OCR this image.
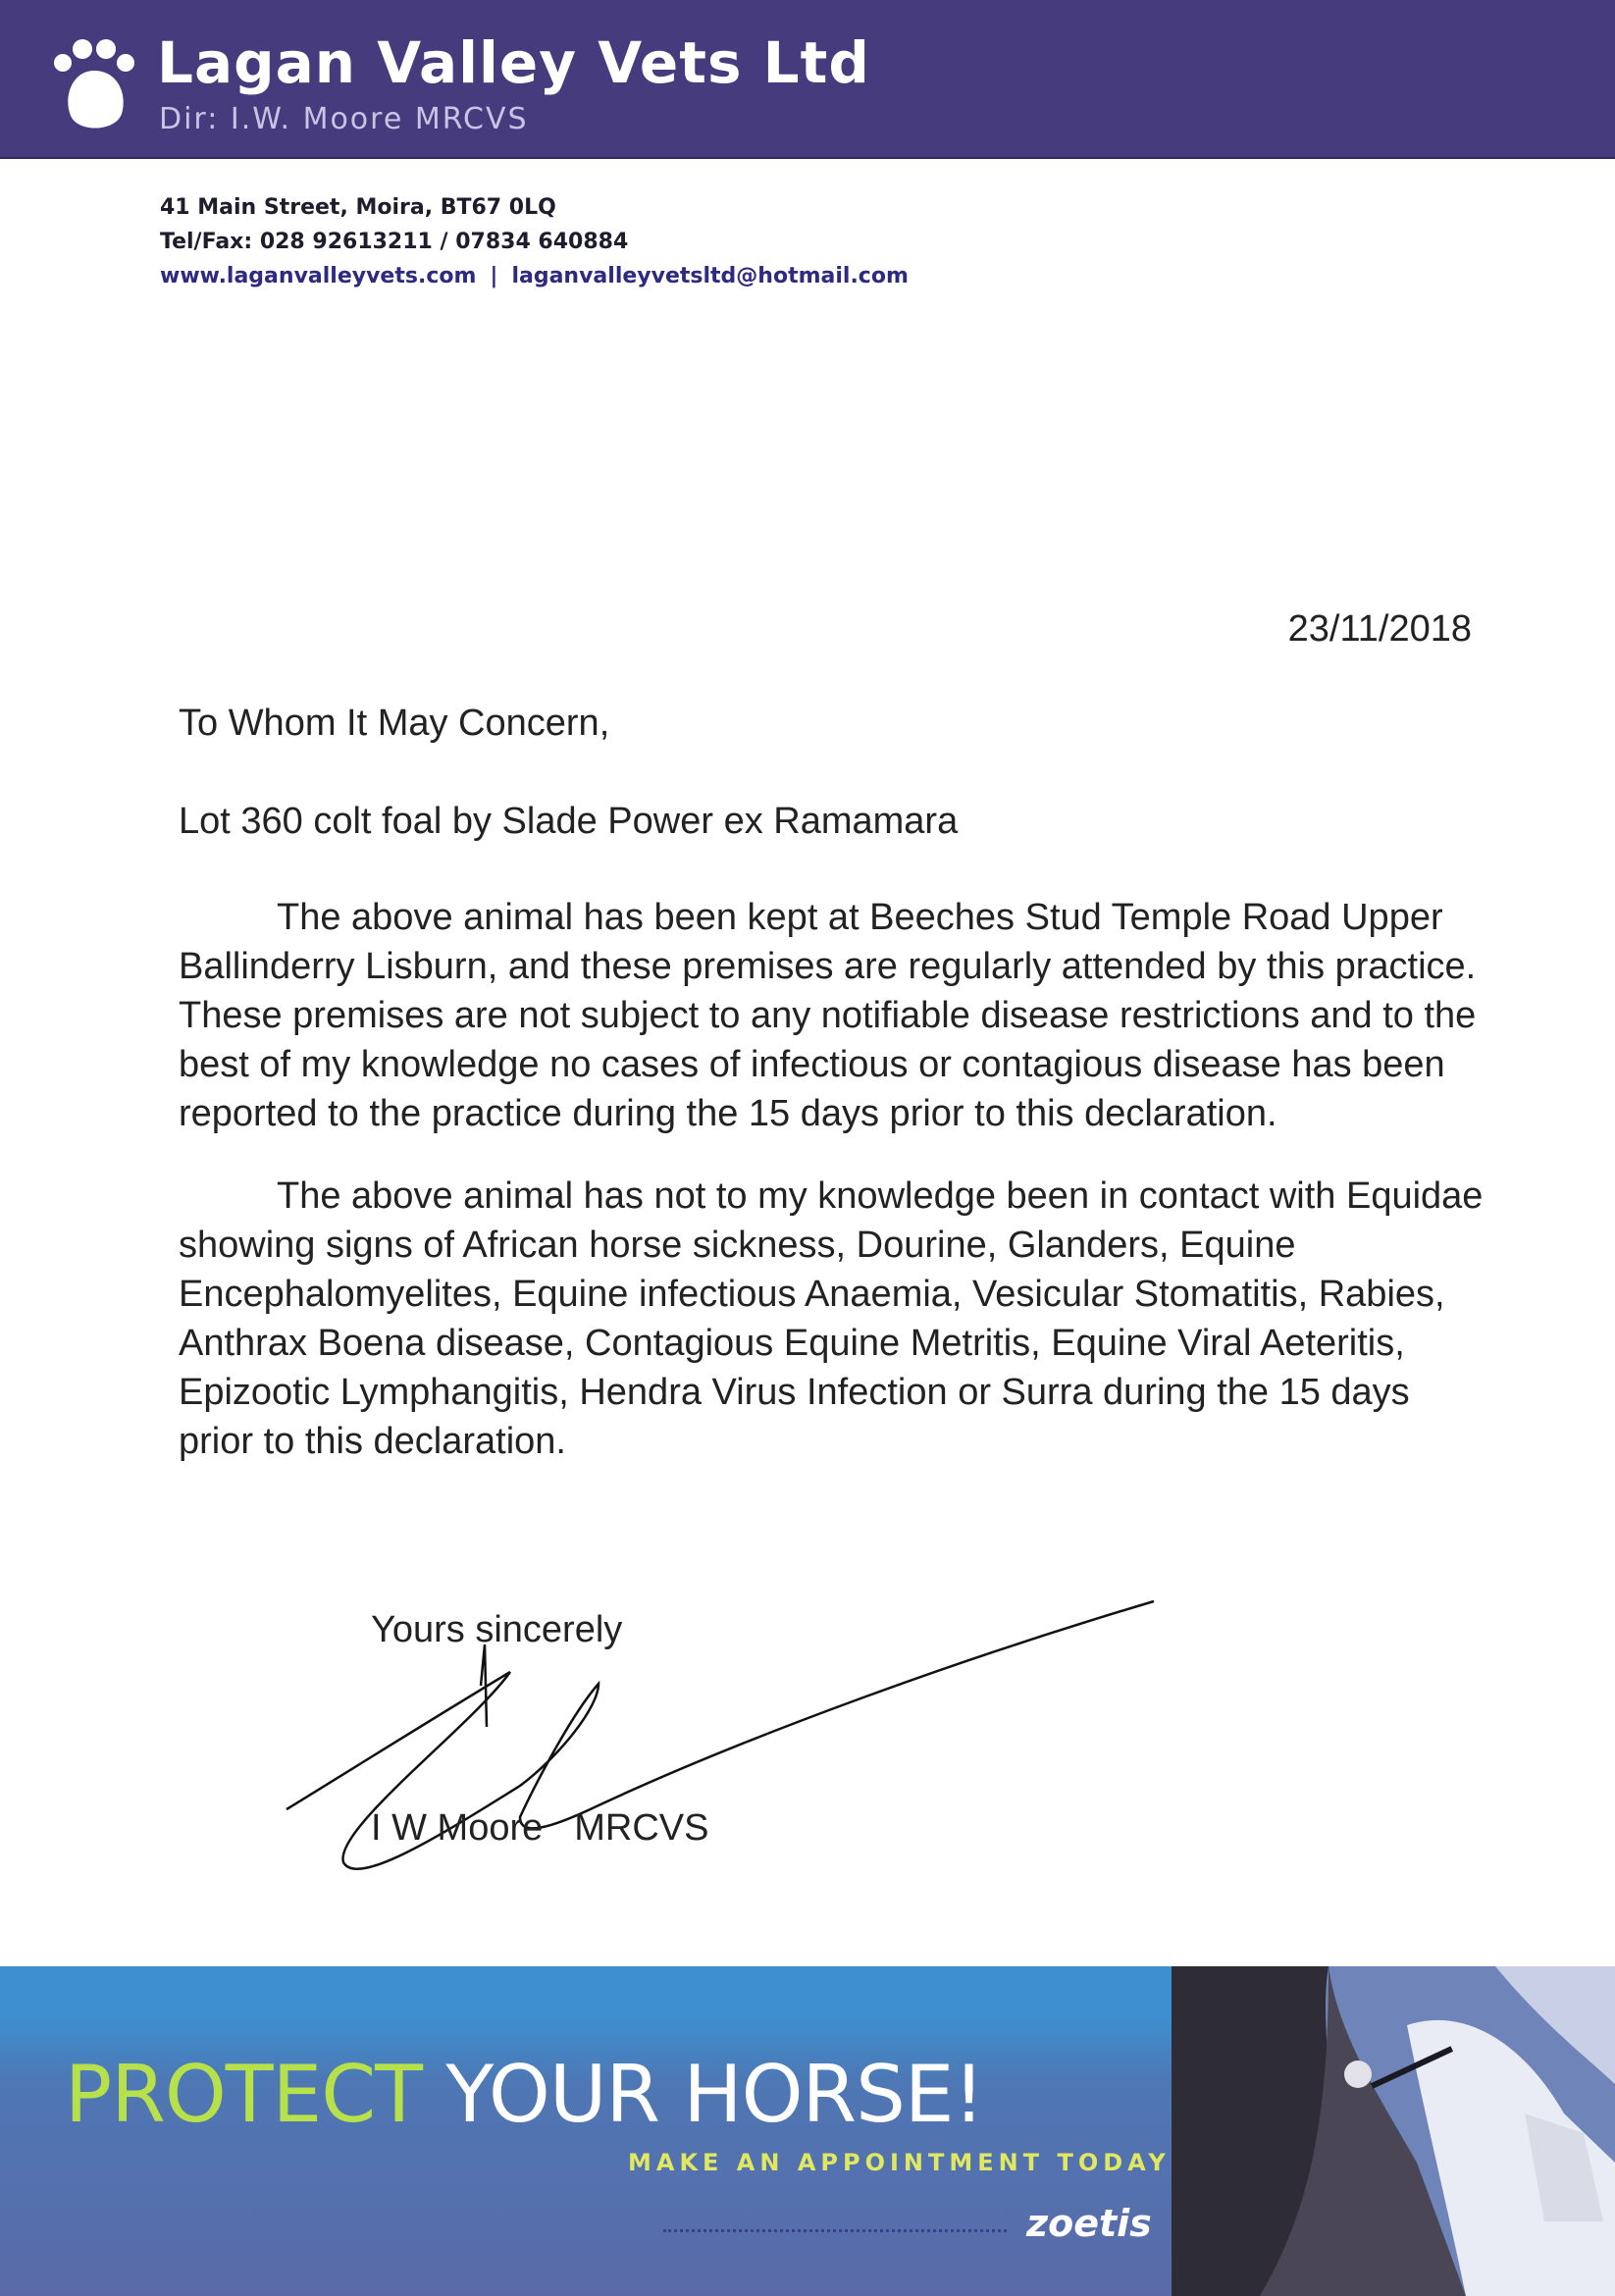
Lagan Valley Vets Ltd
Dir: I.W. Moore MRCVS
41 Main Street, Moira, BT67 0LQ
Tel/Fax: 028 92613211 / 07834 640884
www.laganvalleyvets.com | laganvalleyvetsltd@hotmail.com
23/11/2018

To Whom It May Concern,

Lot 360 colt foal by Slade Power ex Ramamara

The above animal has been kept at Beeches Stud Temple Road Upper Ballinderry Lisburn, and these premises are regularly attended by this practice. These premises are not subject to any notifiable disease restrictions and to the best of my knowledge no cases of infectious or contagious disease has been reported to the practice during the 15 days prior to this declaration.

The above animal has not to my knowledge been in contact with Equidae showing signs of African horse sickness, Dourine, Glanders, Equine Encephalomyelites, Equine infectious Anaemia, Vesicular Stomatitis, Rabies, Anthrax Boena disease, Contagious Equine Metritis, Equine Viral Aeteritis, Epizootic Lymphangitis, Hendra Virus Infection or Surra during the 15 days prior to this declaration.

Yours sincerely
I W Moore MRCVS
PROTECT YOUR HORSE!
MAKE AN APPOINTMENT TODAY
zoetis
